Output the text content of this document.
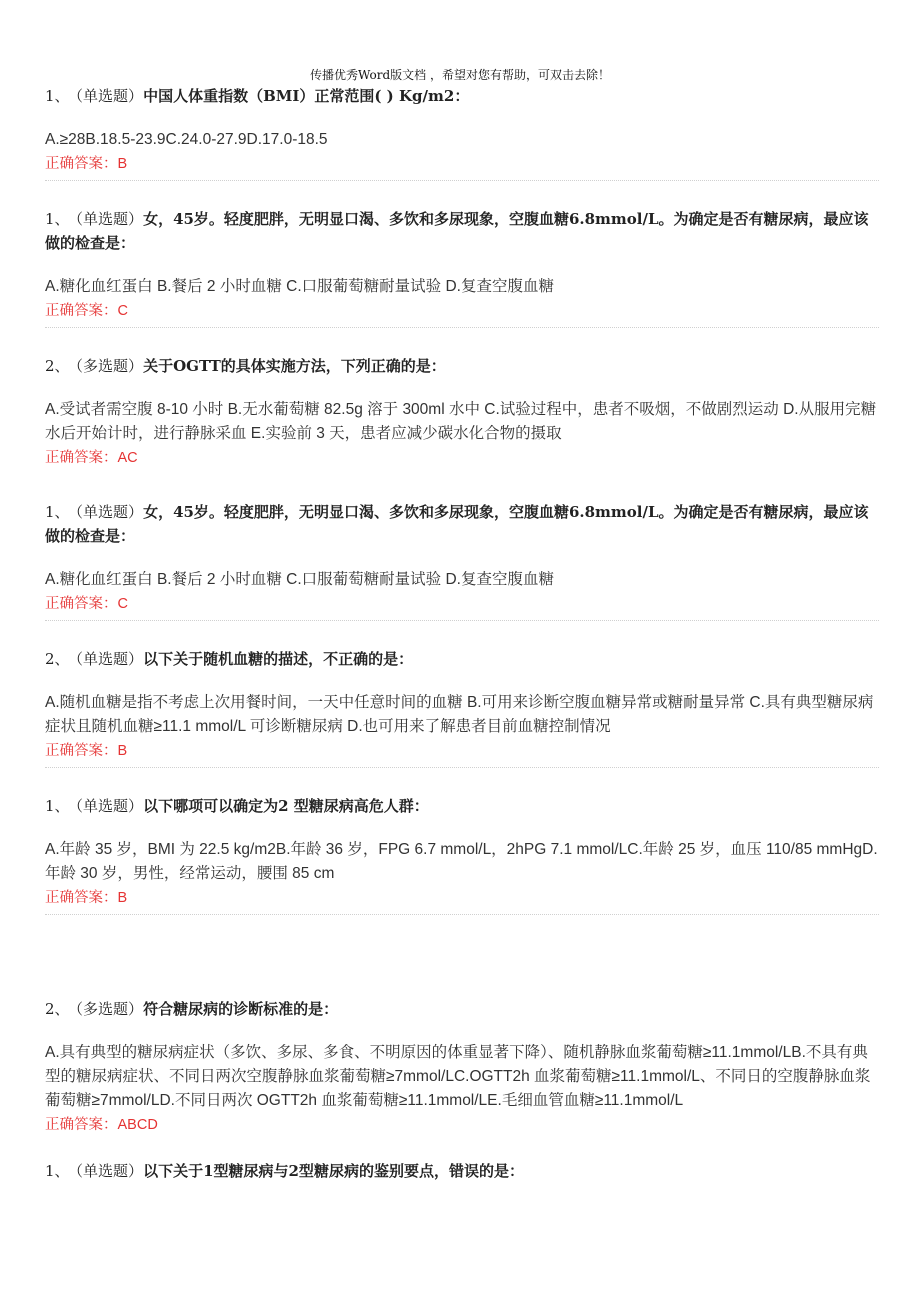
传播优秀Word版文档 ，希望对您有帮助，可双击去除！

1、 （单选题）中国人体重指数（BMI）正常范围( ) Kg/m2：

A.≥28B.18.5-23.9C.24.0-27.9D.17.0-18.5
正确答案：B

1、 （单选题）女，45岁。轻度肥胖，无明显口渴、多饮和多尿现象，空腹血糖6.8mmol/L。为确定是否有糖尿病，最应该做的检查是：

A.糖化血红蛋白 B.餐后 2 小时血糖 C.口服葡萄糖耐量试验 D.复查空腹血糖
正确答案：C

2、 （多选题）关于OGTT的具体实施方法，下列正确的是：

A.受试者需空腹 8-10 小时 B.无水葡萄糖 82.5g 溶于 300ml 水中 C.试验过程中，患者不吸烟，不做剧烈运动 D.从服用完糖水后开始计时，进行静脉采血 E.实验前 3 天，患者应减少碳水化合物的摄取
正确答案：AC

1、 （单选题）女，45岁。轻度肥胖，无明显口渴、多饮和多尿现象，空腹血糖6.8mmol/L。为确定是否有糖尿病，最应该做的检查是：

A.糖化血红蛋白 B.餐后 2 小时血糖 C.口服葡萄糖耐量试验 D.复查空腹血糖
正确答案：C

2、 （单选题）以下关于随机血糖的描述，不正确的是：

A.随机血糖是指不考虑上次用餐时间，一天中任意时间的血糖 B.可用来诊断空腹血糖异常或糖耐量异常 C.具有典型糖尿病症状且随机血糖≥11.1 mmol/L 可诊断糖尿病 D.也可用来了解患者目前血糖控制情况
正确答案：B

1、 （单选题）以下哪项可以确定为2 型糖尿病高危人群：

A.年龄 35 岁，BMI 为 22.5 kg/m2B.年龄 36 岁，FPG 6.7 mmol/L，2hPG 7.1 mmol/LC.年龄 25 岁，血压 110/85 mmHgD.年龄 30 岁，男性，经常运动，腰围 85 cm
正确答案：B

2、 （多选题）符合糖尿病的诊断标准的是：

A.具有典型的糖尿病症状（多饮、多尿、多食、不明原因的体重显著下降）、随机静脉血浆葡萄糖≥11.1mmol/LB.不具有典型的糖尿病症状、不同日两次空腹静脉血浆葡萄糖≥7mmol/LC.OGTT2h 血浆葡萄糖≥11.1mmol/L、不同日的空腹静脉血浆葡萄糖≥7mmol/LD.不同日两次 OGTT2h 血浆葡萄糖≥11.1mmol/LE.毛细血管血糖≥11.1mmol/L
正确答案：ABCD

1、 （单选题）以下关于1型糖尿病与2型糖尿病的鉴别要点，错误的是：
